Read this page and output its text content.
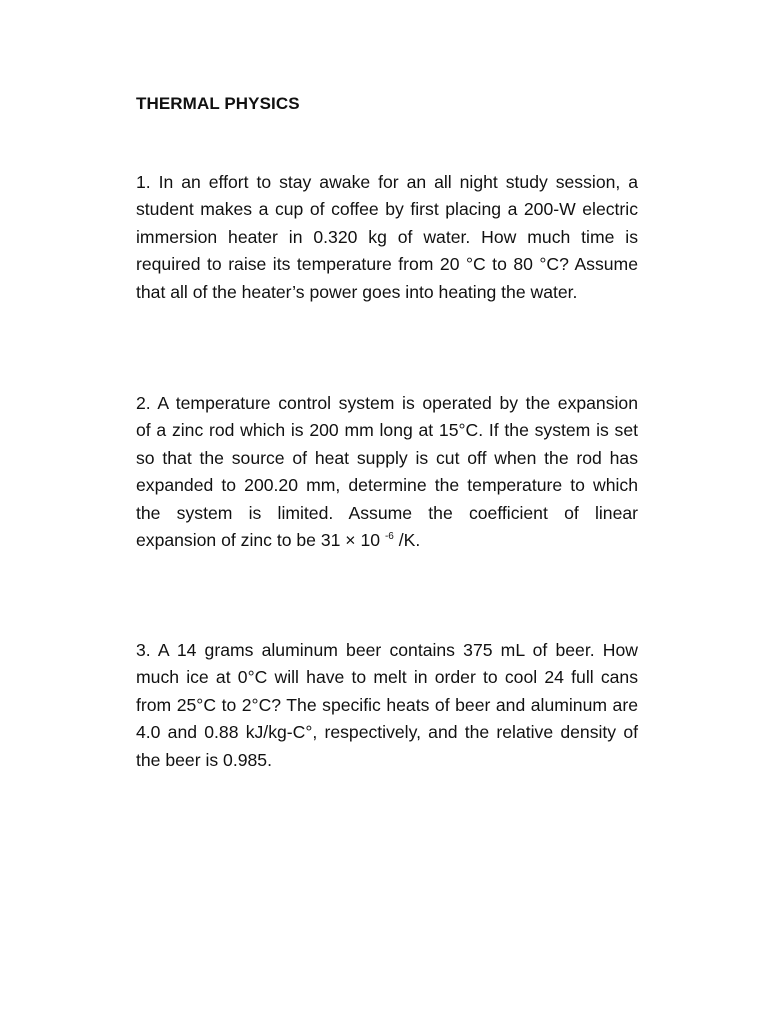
THERMAL PHYSICS
1. In an effort to stay awake for an all night study session, a
student makes a cup of coffee by first placing a 200-W electric
immersion heater in 0.320 kg of water. How much time is
required to raise its temperature from 20 °C to 80 °C? Assume
that all of the heater’s power goes into heating the water.
2. A temperature control system is operated by the expansion
of a zinc rod which is 200 mm long at 15°C. If the system is set
so that the source of heat supply is cut off when the rod has
expanded to 200.20 mm, determine the temperature to which
the system is limited. Assume the coefficient of linear
expansion of zinc to be 31 × 10 $^{-6}$ /K.
3. A 14 grams aluminum beer contains 375 mL of beer. How
much ice at 0°C will have to melt in order to cool 24 full cans
from 25°C to 2°C? The specific heats of beer and aluminum are
4.0 and 0.88 kJ/kg-C°, respectively, and the relative density of
the beer is 0.985.
